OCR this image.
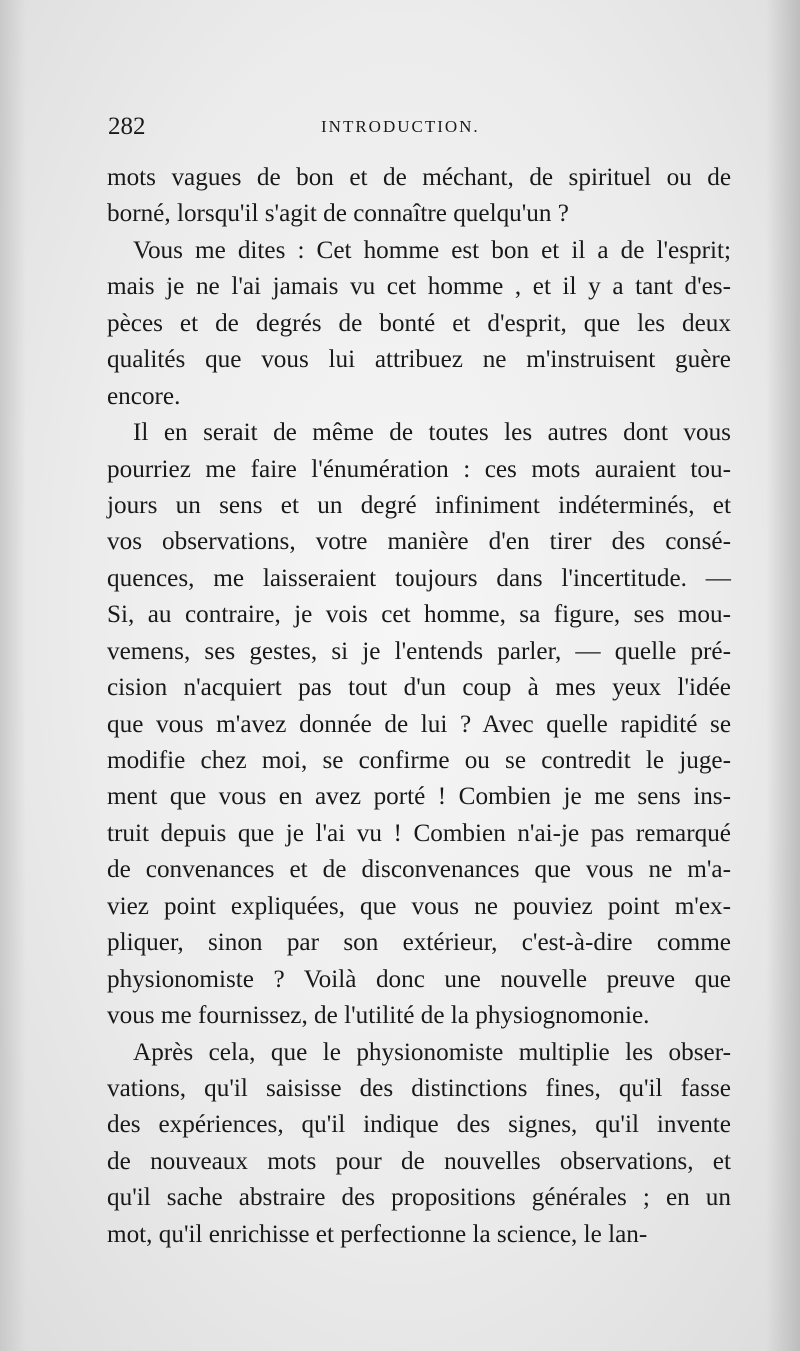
282	INTRODUCTION.
mots vagues de bon et de méchant, de spirituel ou de
borné, lorsqu'il s'agit de connaître quelqu'un ?
Vous me dites : Cet homme est bon et il a de l'esprit;
mais je ne l'ai jamais vu cet homme , et il y a tant d'es-
pèces et de degrés de bonté et d'esprit, que les deux
qualités que vous lui attribuez ne m'instruisent guère
encore.
Il en serait de même de toutes les autres dont vous
pourriez me faire l'énumération : ces mots auraient tou-
jours un sens et un degré infiniment indéterminés, et
vos observations, votre manière d'en tirer des consé-
quences, me laisseraient toujours dans l'incertitude. —
Si, au contraire, je vois cet homme, sa figure, ses mou-
vemens, ses gestes, si je l'entends parler, — quelle pré-
cision n'acquiert pas tout d'un coup à mes yeux l'idée
que vous m'avez donnée de lui ? Avec quelle rapidité se
modifie chez moi, se confirme ou se contredit le juge-
ment que vous en avez porté ! Combien je me sens ins-
truit depuis que je l'ai vu ! Combien n'ai-je pas remarqué
de convenances et de disconvenances que vous ne m'a-
viez point expliquées, que vous ne pouviez point m'ex-
pliquer, sinon par son extérieur, c'est-à-dire comme
physionomiste ? Voilà donc une nouvelle preuve que
vous me fournissez, de l'utilité de la physiognomonie.
Après cela, que le physionomiste multiplie les obser-
vations, qu'il saisisse des distinctions fines, qu'il fasse
des expériences, qu'il indique des signes, qu'il invente
de nouveaux mots pour de nouvelles observations, et
qu'il sache abstraire des propositions générales ; en un
mot, qu'il enrichisse et perfectionne la science, le lan-
